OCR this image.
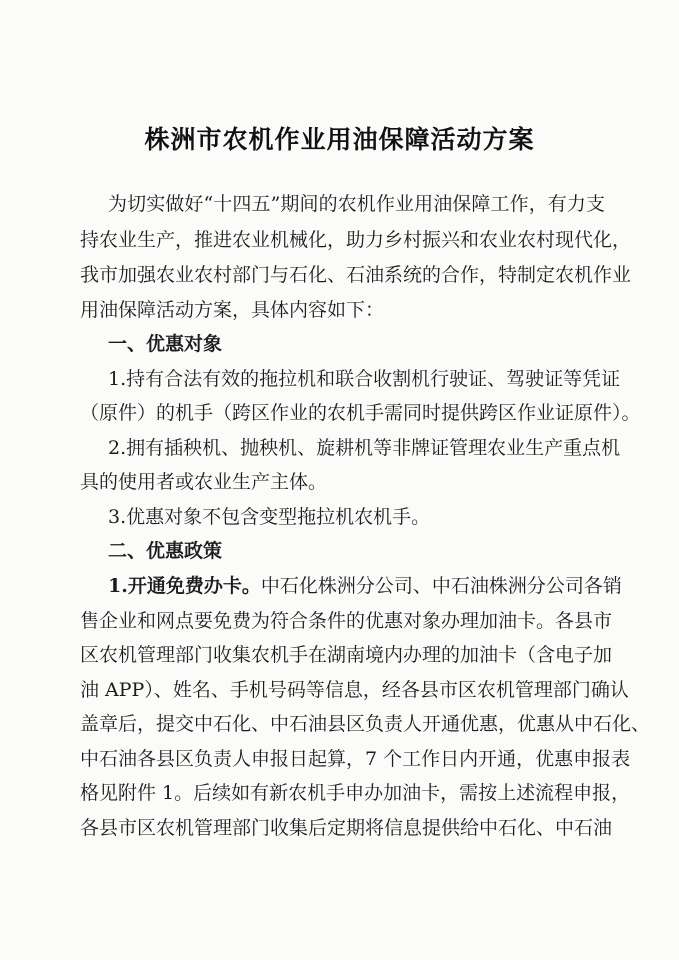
株洲市农机作业用油保障活动方案
为切实做好“十四五”期间的农机作业用油保障工作，有力支
持农业生产，推进农业机械化，助力乡村振兴和农业农村现代化，
我市加强农业农村部门与石化、石油系统的合作，特制定农机作业
用油保障活动方案，具体内容如下：
一、优惠对象
1.持有合法有效的拖拉机和联合收割机行驶证、驾驶证等凭证
（原件）的机手（跨区作业的农机手需同时提供跨区作业证原件）。
2.拥有插秧机、抛秧机、旋耕机等非牌证管理农业生产重点机
具的使用者或农业生产主体。
3.优惠对象不包含变型拖拉机农机手。
二、优惠政策
1.开通免费办卡。中石化株洲分公司、中石油株洲分公司各销
售企业和网点要免费为符合条件的优惠对象办理加油卡。各县市
区农机管理部门收集农机手在湖南境内办理的加油卡（含电子加
油 APP）、姓名、手机号码等信息，经各县市区农机管理部门确认
盖章后，提交中石化、中石油县区负责人开通优惠，优惠从中石化、
中石油各县区负责人申报日起算，7 个工作日内开通，优惠申报表
格见附件 1。后续如有新农机手申办加油卡，需按上述流程申报，
各县市区农机管理部门收集后定期将信息提供给中石化、中石油
